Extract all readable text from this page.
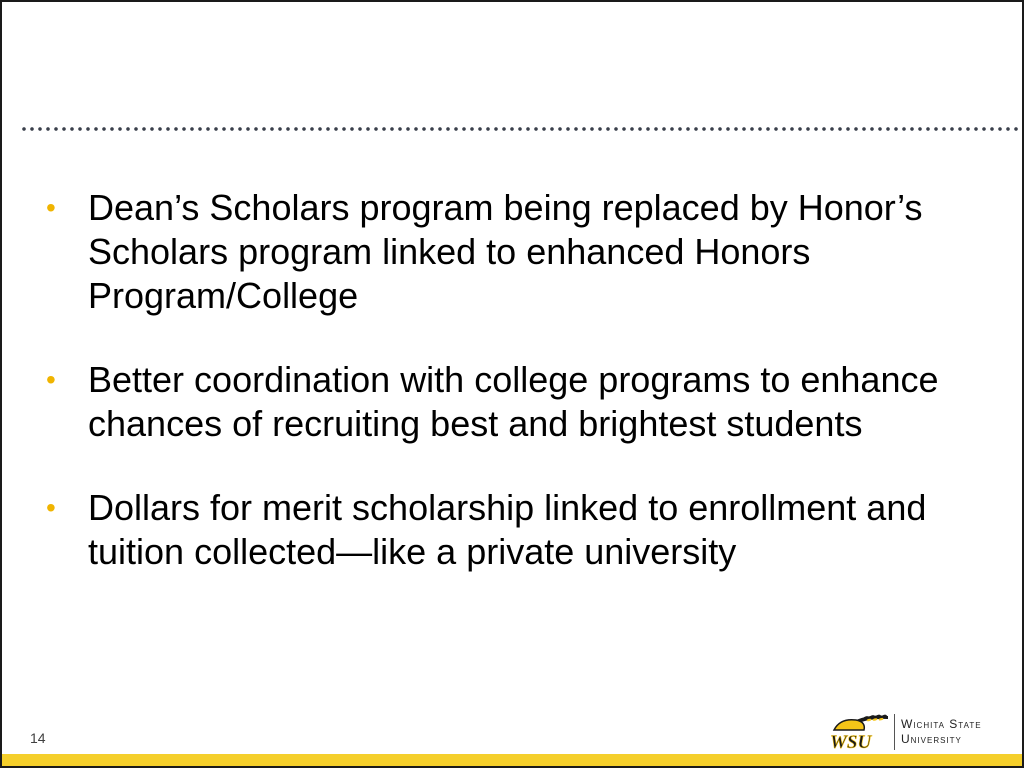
• Dean’s Scholars program being replaced by Honor’s Scholars program linked to enhanced Honors Program/College
• Better coordination with college programs to enhance chances of recruiting best and brightest students
• Dollars for merit scholarship linked to enrollment and tuition collected—like a private university
14	WSU
Wichita State
University
